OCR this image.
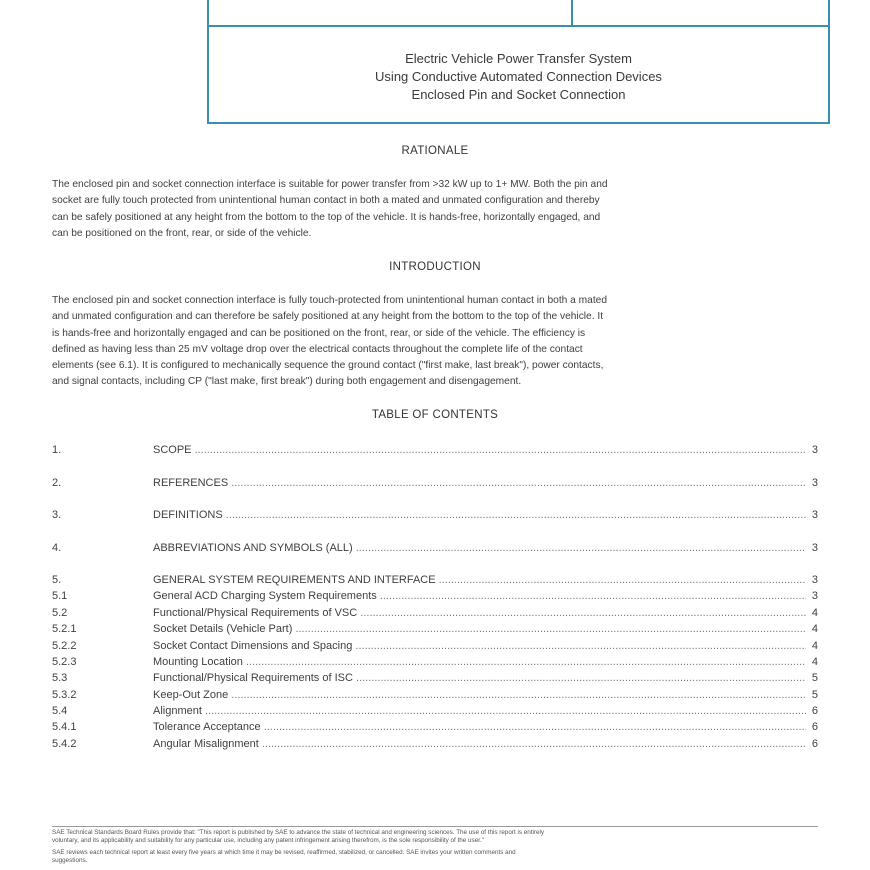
Electric Vehicle Power Transfer System
Using Conductive Automated Connection Devices
Enclosed Pin and Socket Connection
RATIONALE
The enclosed pin and socket connection interface is suitable for power transfer from >32 kW up to 1+ MW. Both the pin and
socket are fully touch protected from unintentional human contact in both a mated and unmated configuration and thereby
can be safely positioned at any height from the bottom to the top of the vehicle. It is hands-free, horizontally engaged, and
can be positioned on the front, rear, or side of the vehicle.
INTRODUCTION
The enclosed pin and socket connection interface is fully touch-protected from unintentional human contact in both a mated
and unmated configuration and can therefore be safely positioned at any height from the bottom to the top of the vehicle. It
is hands-free and horizontally engaged and can be positioned on the front, rear, or side of the vehicle. The efficiency is
defined as having less than 25 mV voltage drop over the electrical contacts throughout the complete life of the contact
elements (see 6.1). It is configured to mechanically sequence the ground contact ("first make, last break"), power contacts,
and signal contacts, including CP ("last make, first break") during both engagement and disengagement.
TABLE OF CONTENTS
1.	SCOPE .....	3
2.	REFERENCES .....	3
3.	DEFINITIONS .....	3
4.	ABBREVIATIONS AND SYMBOLS (ALL) .....	3
5.	GENERAL SYSTEM REQUIREMENTS AND INTERFACE .....	3
5.1	General ACD Charging System Requirements .....	3
5.2	Functional/Physical Requirements of VSC .....	4
5.2.1	Socket Details (Vehicle Part) .....	4
5.2.2	Socket Contact Dimensions and Spacing .....	4
5.2.3	Mounting Location .....	4
5.3	Functional/Physical Requirements of ISC .....	5
5.3.2	Keep-Out Zone .....	5
5.4	Alignment .....	6
5.4.1	Tolerance Acceptance .....	6
5.4.2	Angular Misalignment .....	6
SAE Technical Standards Board Rules provide that: "This report is published by SAE to advance the state of technical and engineering sciences. The use of this report is entirely
voluntary, and its applicability and suitability for any particular use, including any patent infringement arising therefrom, is the sole responsibility of the user."
SAE reviews each technical report at least every five years at which time it may be revised, reaffirmed, stabilized, or cancelled. SAE invites your written comments and
suggestions.
